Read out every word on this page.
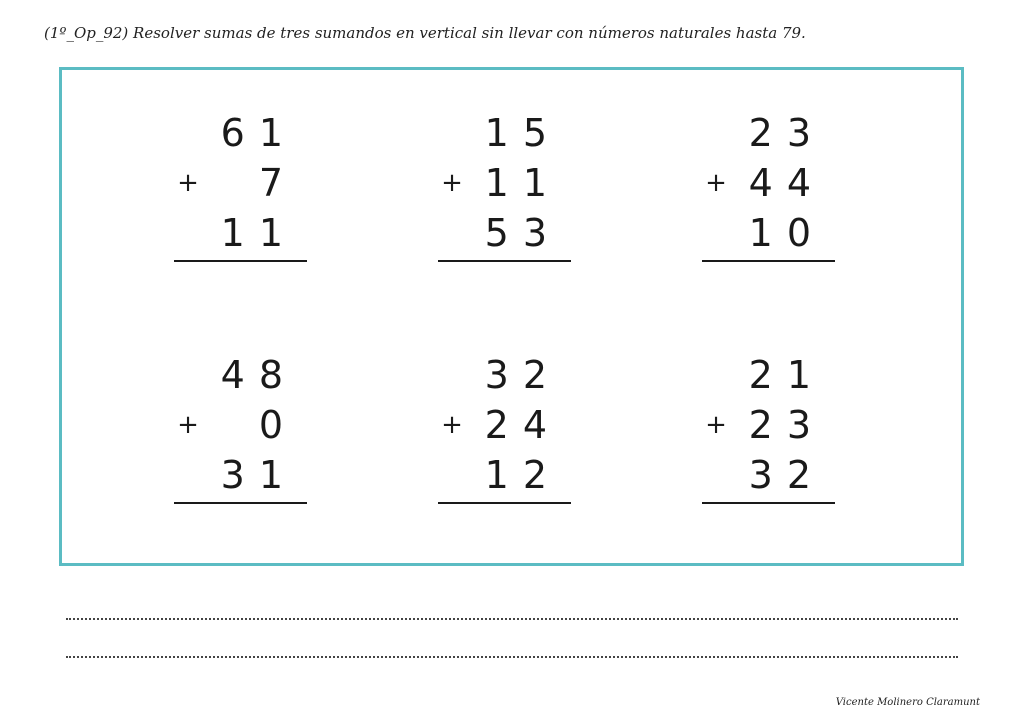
(1º_Op_92) Resolver sumas de tres sumandos en vertical sin llevar con números naturales hasta 79.
61
+ 7
11
15
+ 11
53
23
+ 44
10
48
+ 0
31
32
+ 24
12
21
+ 23
32
Vicente Molinero Claramunt
